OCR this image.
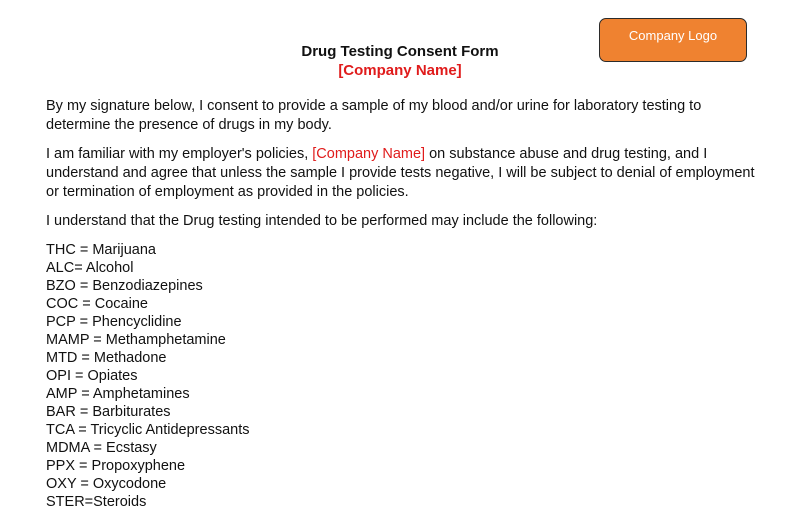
Company Logo
Drug Testing Consent Form
[Company Name]

By my signature below, I consent to provide a sample of my blood and/or urine for laboratory testing to determine the presence of drugs in my body.

I am familiar with my employer's policies, [Company Name] on substance abuse and drug testing, and I understand and agree that unless the sample I provide tests negative, I will be subject to denial of employment or termination of employment as provided in the policies.

I understand that the Drug testing intended to be performed may include the following:

THC = Marijuana
ALC= Alcohol
BZO = Benzodiazepines
COC = Cocaine
PCP = Phencyclidine
MAMP = Methamphetamine
MTD = Methadone
OPI = Opiates
AMP = Amphetamines
BAR = Barbiturates
TCA = Tricyclic Antidepressants
MDMA = Ecstasy
PPX = Propoxyphene
OXY = Oxycodone
STER=Steroids
